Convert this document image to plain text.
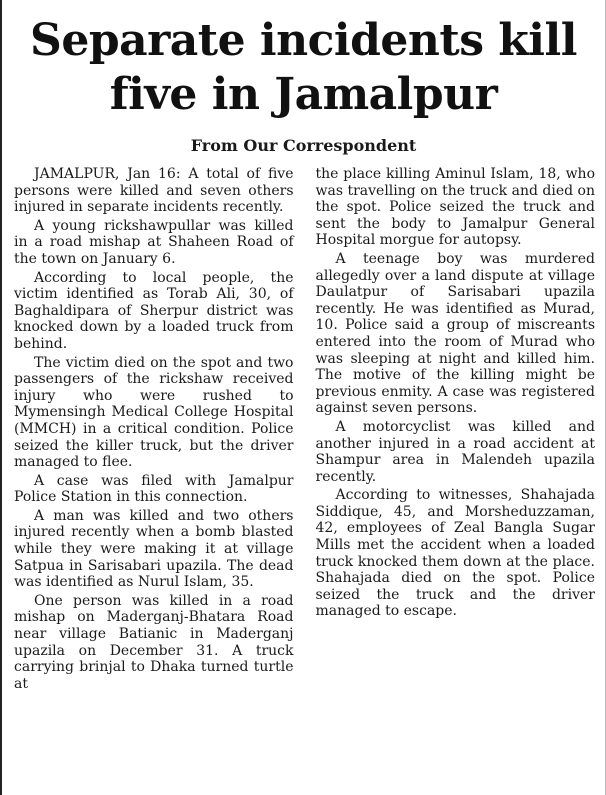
Separate incidents kill
five in Jamalpur
From Our Correspondent

JAMALPUR, Jan 16: A total of five persons were killed and seven others injured in separate incidents recently.

A young rickshawpullar was killed in a road mishap at Shaheen Road of the town on January 6.

According to local people, the victim identified as Torab Ali, 30, of Baghaldipara of Sherpur district was knocked down by a loaded truck from behind.

The victim died on the spot and two passengers of the rickshaw received injury who were rushed to Mymensingh Medical College Hospital (MMCH) in a critical condition. Police seized the killer truck, but the driver managed to flee.

A case was filed with Jamalpur Police Station in this connection.

A man was killed and two others injured recently when a bomb blasted while they were making it at village Satpua in Sarisabari upazila. The dead was identified as Nurul Islam, 35.

One person was killed in a road mishap on Maderganj-Bhatara Road near village Batianic in Maderganj upazila on December 31. A truck carrying brinjal to Dhaka turned turtle at

the place killing Aminul Islam, 18, who was travelling on the truck and died on the spot. Police seized the truck and sent the body to Jamalpur General Hospital morgue for autopsy.

A teenage boy was murdered allegedly over a land dispute at village Daulatpur of Sarisabari upazila recently. He was identified as Murad, 10. Police said a group of miscreants entered into the room of Murad who was sleeping at night and killed him. The motive of the killing might be previous enmity. A case was registered against seven persons.

A motorcyclist was killed and another injured in a road accident at Shampur area in Malendeh upazila recently.

According to witnesses, Shahajada Siddique, 45, and Morsheduzzaman, 42, employees of Zeal Bangla Sugar Mills met the accident when a loaded truck knocked them down at the place. Shahajada died on the spot. Police seized the truck and the driver managed to escape.
